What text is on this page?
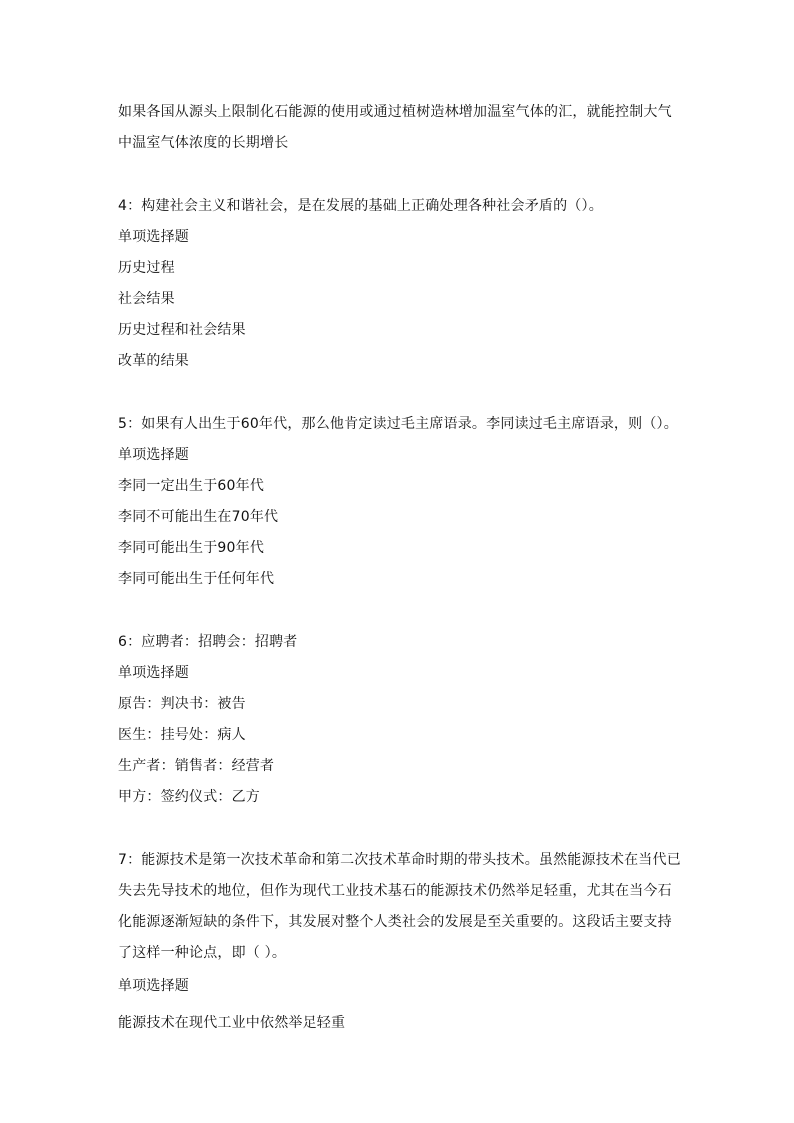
如果各国从源头上限制化石能源的使用或通过植树造林增加温室气体的汇，就能控制大气
中温室气体浓度的长期增长
4：构建社会主义和谐社会，是在发展的基础上正确处理各种社会矛盾的（）。
单项选择题
历史过程
社会结果
历史过程和社会结果
改革的结果
5：如果有人出生于60年代，那么他肯定读过毛主席语录。李同读过毛主席语录，则（）。
单项选择题
李同一定出生于60年代
李同不可能出生在70年代
李同可能出生于90年代
李同可能出生于任何年代
6：应聘者：招聘会：招聘者
单项选择题
原告：判决书：被告
医生：挂号处：病人
生产者：销售者：经营者
甲方：签约仪式：乙方
7：能源技术是第一次技术革命和第二次技术革命时期的带头技术。虽然能源技术在当代已
失去先导技术的地位，但作为现代工业技术基石的能源技术仍然举足轻重，尤其在当今石
化能源逐渐短缺的条件下，其发展对整个人类社会的发展是至关重要的。这段话主要支持
了这样一种论点，即（ ）。
单项选择题
能源技术在现代工业中依然举足轻重
